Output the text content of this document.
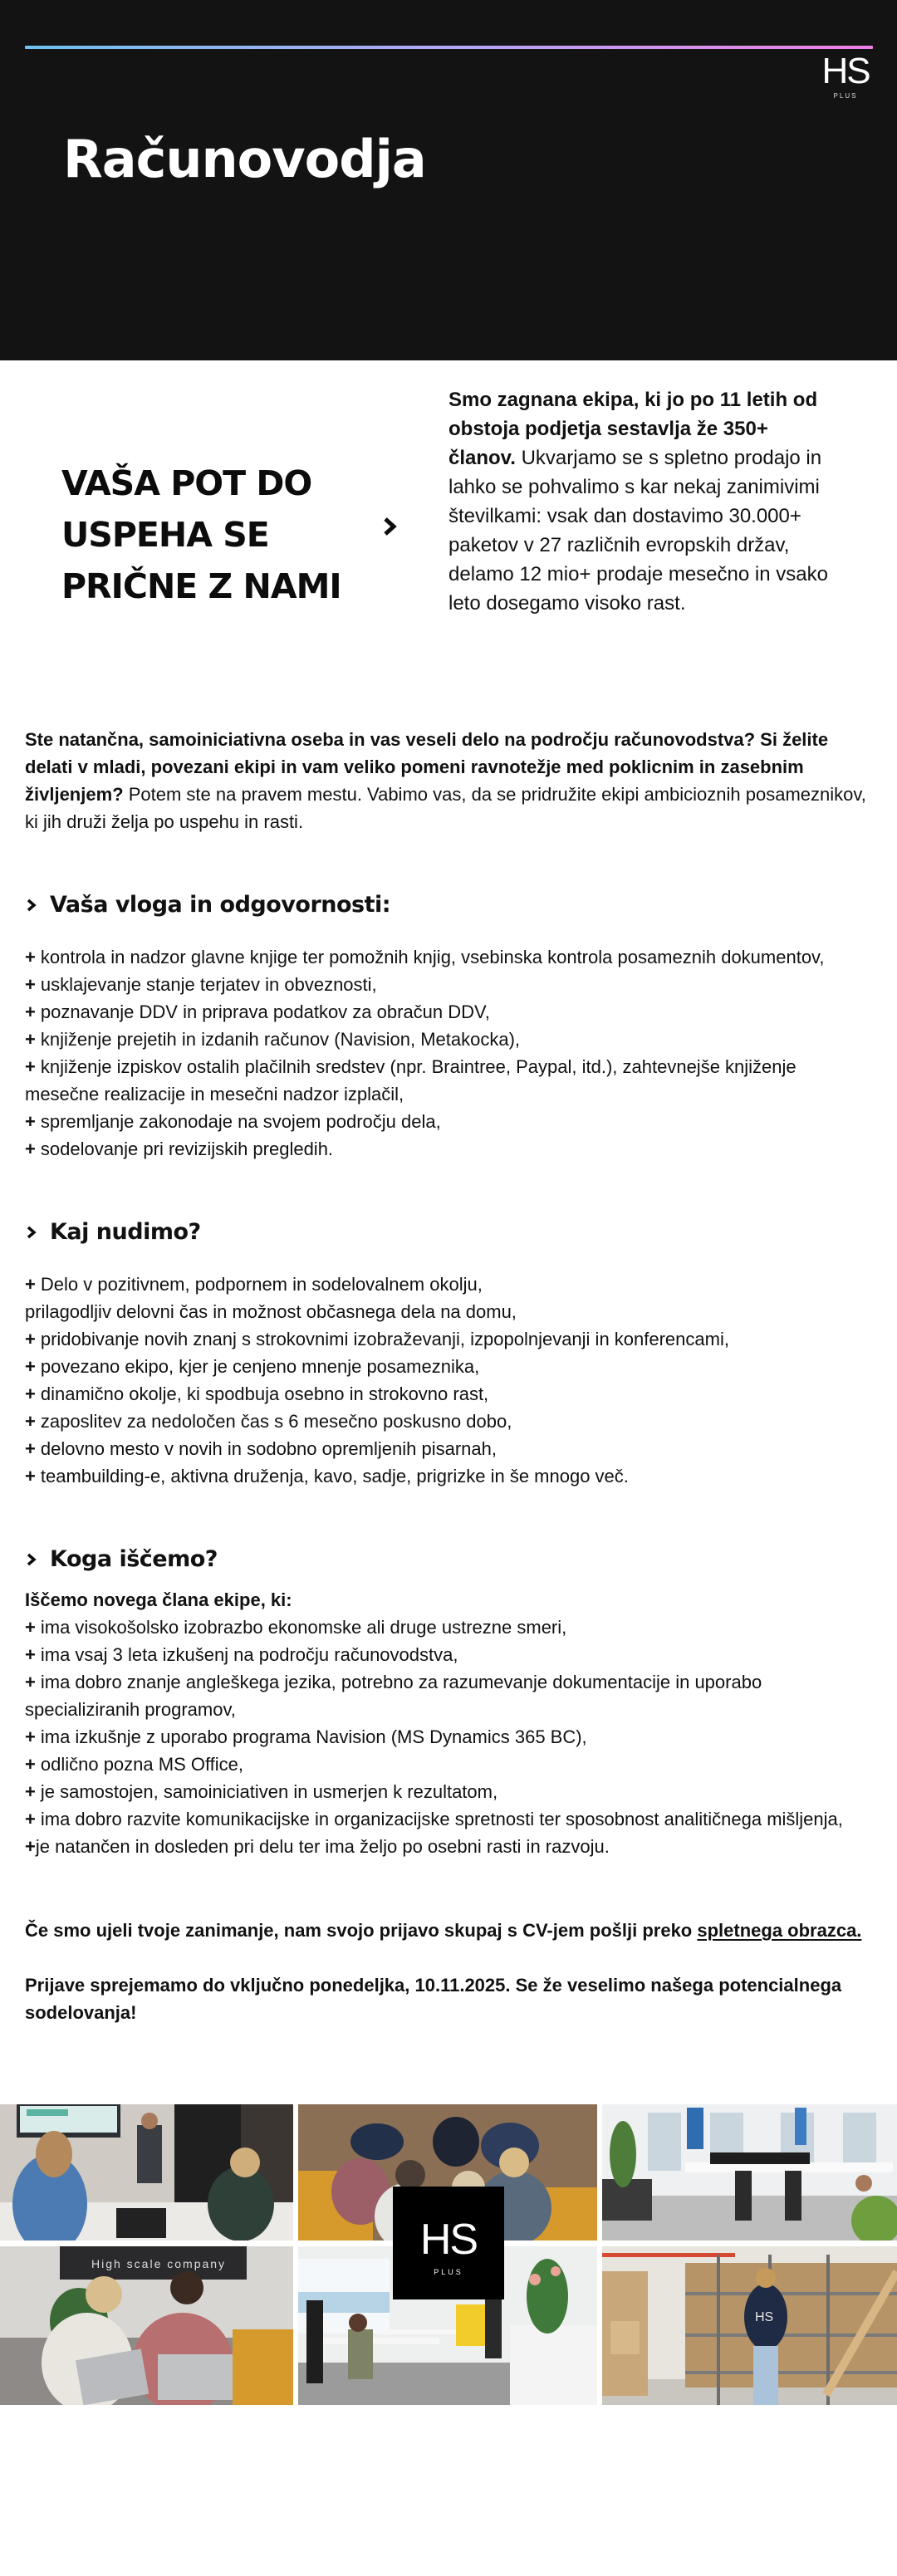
HS
PLUS
Računovodja
VAŠA POT DO
USPEHA SE
PRIČNE Z NAMI

Smo zagnana ekipa, ki jo po 11 letih od obstoja podjetja sestavlja že 350+ članov. Ukvarjamo se s spletno prodajo in lahko se pohvalimo s kar nekaj zanimivimi številkami: vsak dan dostavimo 30.000+ paketov v 27 različnih evropskih držav, delamo 12 mio+ prodaje mesečno in vsako leto dosegamo visoko rast.

Ste natančna, samoiniciativna oseba in vas veseli delo na področju računovodstva? Si želite delati v mladi, povezani ekipi in vam veliko pomeni ravnotežje med poklicnim in zasebnim življenjem? Potem ste na pravem mestu. Vabimo vas, da se pridružite ekipi ambicioznih posameznikov, ki jih druži želja po uspehu in rasti.

Vaša vloga in odgovornosti:
+ kontrola in nadzor glavne knjige ter pomožnih knjig, vsebinska kontrola posameznih dokumentov,
+ usklajevanje stanje terjatev in obveznosti,
+ poznavanje DDV in priprava podatkov za obračun DDV,
+ knjiženje prejetih in izdanih računov (Navision, Metakocka),
+ knjiženje izpiskov ostalih plačilnih sredstev (npr. Braintree, Paypal, itd.), zahtevnejše knjiženje mesečne realizacije in mesečni nadzor izplačil,
+ spremljanje zakonodaje na svojem področju dela,
+ sodelovanje pri revizijskih pregledih.
Kaj nudimo?
+ Delo v pozitivnem, podpornem in sodelovalnem okolju,
prilagodljiv delovni čas in možnost občasnega dela na domu,
+ pridobivanje novih znanj s strokovnimi izobraževanji, izpopolnjevanji in konferencami,
+ povezano ekipo, kjer je cenjeno mnenje posameznika,
+ dinamično okolje, ki spodbuja osebno in strokovno rast,
+ zaposlitev za nedoločen čas s 6 mesečno poskusno dobo,
+ delovno mesto v novih in sodobno opremljenih pisarnah,
+ teambuilding-e, aktivna druženja, kavo, sadje, prigrizke in še mnogo več.
Koga iščemo?
Iščemo novega člana ekipe, ki:
+ ima visokošolsko izobrazbo ekonomske ali druge ustrezne smeri,
+ ima vsaj 3 leta izkušenj na področju računovodstva,
+ ima dobro znanje angleškega jezika, potrebno za razumevanje dokumentacije in uporabo specializiranih programov,
+ ima izkušnje z uporabo programa Navision (MS Dynamics 365 BC),
+ odlično pozna MS Office,
+ je samostojen, samoiniciativen in usmerjen k rezultatom,
+ ima dobro razvite komunikacijske in organizacijske spretnosti ter sposobnost analitičnega mišljenja,
+je natančen in dosleden pri delu ter ima željo po osebni rasti in razvoju.

Če smo ujeli tvoje zanimanje, nam svojo prijavo skupaj s CV-jem pošlji preko spletnega obrazca.

Prijave sprejemamo do vključno ponedeljka, 10.11.2025. Se že veselimo našega potencialnega sodelovanja!

High scale company
HS
HS
PLUS
